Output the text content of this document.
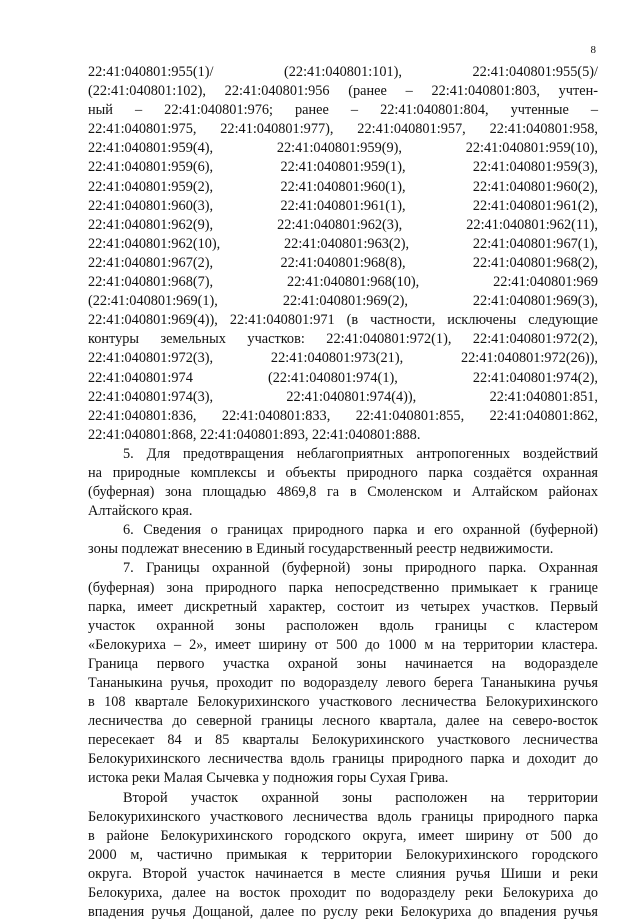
8
22:41:040801:955(1)/ (22:41:040801:101), 22:41:040801:955(5)/
(22:41:040801:102), 22:41:040801:956 (ранее – 22:41:040801:803, учтен-
ный – 22:41:040801:976; ранее – 22:41:040801:804, учтенные –
22:41:040801:975, 22:41:040801:977), 22:41:040801:957, 22:41:040801:958,
22:41:040801:959(4), 22:41:040801:959(9), 22:41:040801:959(10),
22:41:040801:959(6), 22:41:040801:959(1), 22:41:040801:959(3),
22:41:040801:959(2), 22:41:040801:960(1), 22:41:040801:960(2),
22:41:040801:960(3), 22:41:040801:961(1), 22:41:040801:961(2),
22:41:040801:962(9), 22:41:040801:962(3), 22:41:040801:962(11),
22:41:040801:962(10), 22:41:040801:963(2), 22:41:040801:967(1),
22:41:040801:967(2), 22:41:040801:968(8), 22:41:040801:968(2),
22:41:040801:968(7), 22:41:040801:968(10), 22:41:040801:969
(22:41:040801:969(1), 22:41:040801:969(2), 22:41:040801:969(3),
22:41:040801:969(4)), 22:41:040801:971 (в частности, исключены следующие
контуры земельных участков: 22:41:040801:972(1), 22:41:040801:972(2),
22:41:040801:972(3), 22:41:040801:973(21), 22:41:040801:972(26)),
22:41:040801:974 (22:41:040801:974(1), 22:41:040801:974(2),
22:41:040801:974(3), 22:41:040801:974(4)), 22:41:040801:851,
22:41:040801:836, 22:41:040801:833, 22:41:040801:855, 22:41:040801:862,
22:41:040801:868, 22:41:040801:893, 22:41:040801:888.
5. Для предотвращения неблагоприятных антропогенных воздействий
на природные комплексы и объекты природного парка создаётся охранная
(буферная) зона площадью 4869,8 га в Смоленском и Алтайском районах
Алтайского края.
6. Сведения о границах природного парка и его охранной (буферной)
зоны подлежат внесению в Единый государственный реестр недвижимости.
7. Границы охранной (буферной) зоны природного парка. Охранная
(буферная) зона природного парка непосредственно примыкает к границе
парка, имеет дискретный характер, состоит из четырех участков. Первый
участок охранной зоны расположен вдоль границы с кластером
«Белокуриха – 2», имеет ширину от 500 до 1000 м на территории кластера.
Граница первого участка охраной зоны начинается на водоразделе
Тананыкина ручья, проходит по водоразделу левого берега Тананыкина ручья
в 108 квартале Белокурихинского участкового лесничества Белокурихинского
лесничества до северной границы лесного квартала, далее на северо-восток
пересекает 84 и 85 кварталы Белокурихинского участкового лесничества
Белокурихинского лесничества вдоль границы природного парка и доходит до
истока реки Малая Сычевка у подножия горы Сухая Грива.
Второй участок охранной зоны расположен на территории
Белокурихинского участкового лесничества вдоль границы природного парка
в районе Белокурихинского городского округа, имеет ширину от 500 до
2000 м, частично примыкая к территории Белокурихинского городского
округа. Второй участок начинается в месте слияния ручья Шиши и реки
Белокуриха, далее на восток проходит по водоразделу реки Белокуриха до
впадения ручья Дощаной, далее по руслу реки Белокуриха до впадения ручья
